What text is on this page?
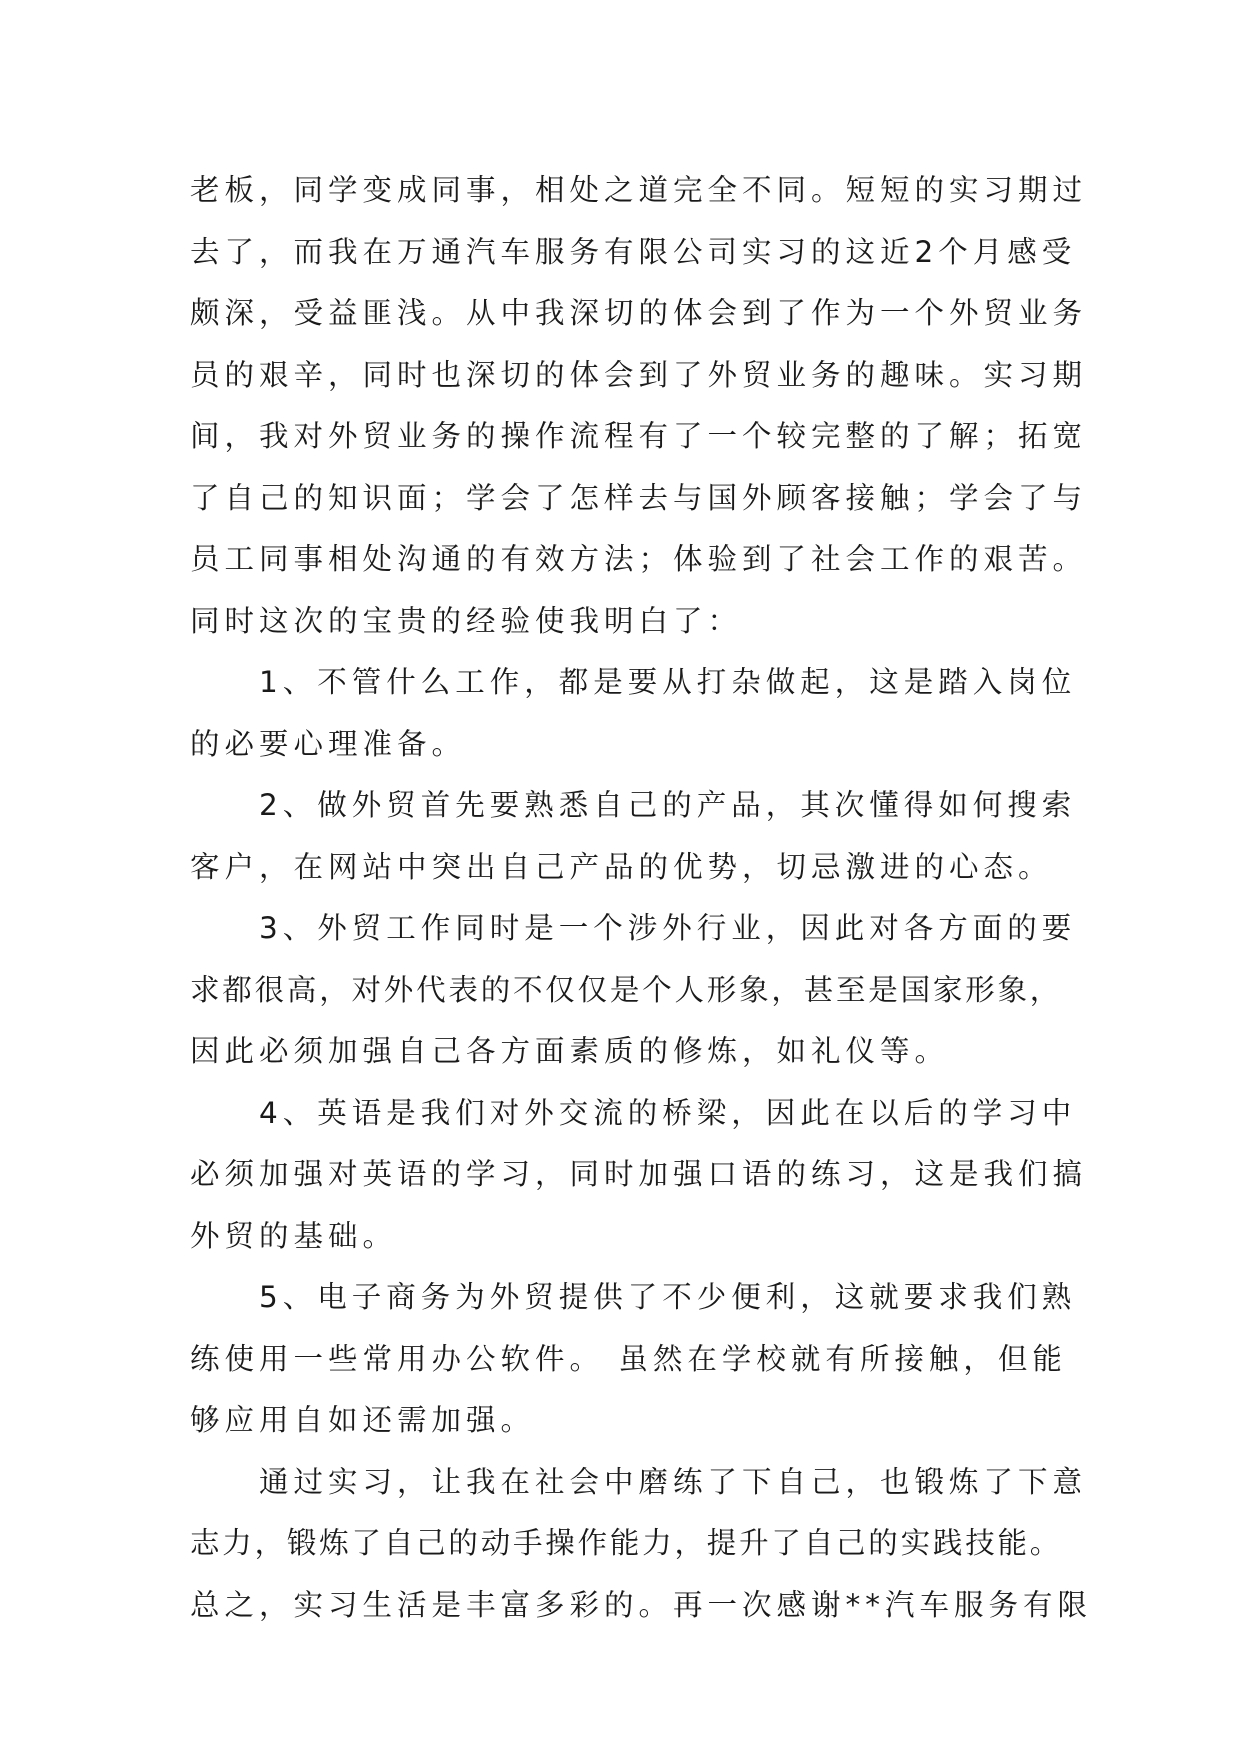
老板，同学变成同事，相处之道完全不同。短短的实习期过
去了，而我在万通汽车服务有限公司实习的这近2个月感受
颇深，受益匪浅。从中我深切的体会到了作为一个外贸业务
员的艰辛，同时也深切的体会到了外贸业务的趣味。实习期
间，我对外贸业务的操作流程有了一个较完整的了解；拓宽
了自己的知识面；学会了怎样去与国外顾客接触；学会了与
员工同事相处沟通的有效方法；体验到了社会工作的艰苦。
同时这次的宝贵的经验使我明白了：
　　1、不管什么工作，都是要从打杂做起，这是踏入岗位
的必要心理准备。
　　2、做外贸首先要熟悉自己的产品，其次懂得如何搜索
客户，在网站中突出自己产品的优势，切忌激进的心态。
　　3、外贸工作同时是一个涉外行业，因此对各方面的要
求都很高，对外代表的不仅仅是个人形象，甚至是国家形象，
因此必须加强自己各方面素质的修炼，如礼仪等。
　　4、英语是我们对外交流的桥梁，因此在以后的学习中
必须加强对英语的学习，同时加强口语的练习，这是我们搞
外贸的基础。
　　5、电子商务为外贸提供了不少便利，这就要求我们熟
练使用一些常用办公软件。 虽然在学校就有所接触，但能
够应用自如还需加强。
　　通过实习，让我在社会中磨练了下自己，也锻炼了下意
志力，锻炼了自己的动手操作能力，提升了自己的实践技能。
总之，实习生活是丰富多彩的。再一次感谢**汽车服务有限
